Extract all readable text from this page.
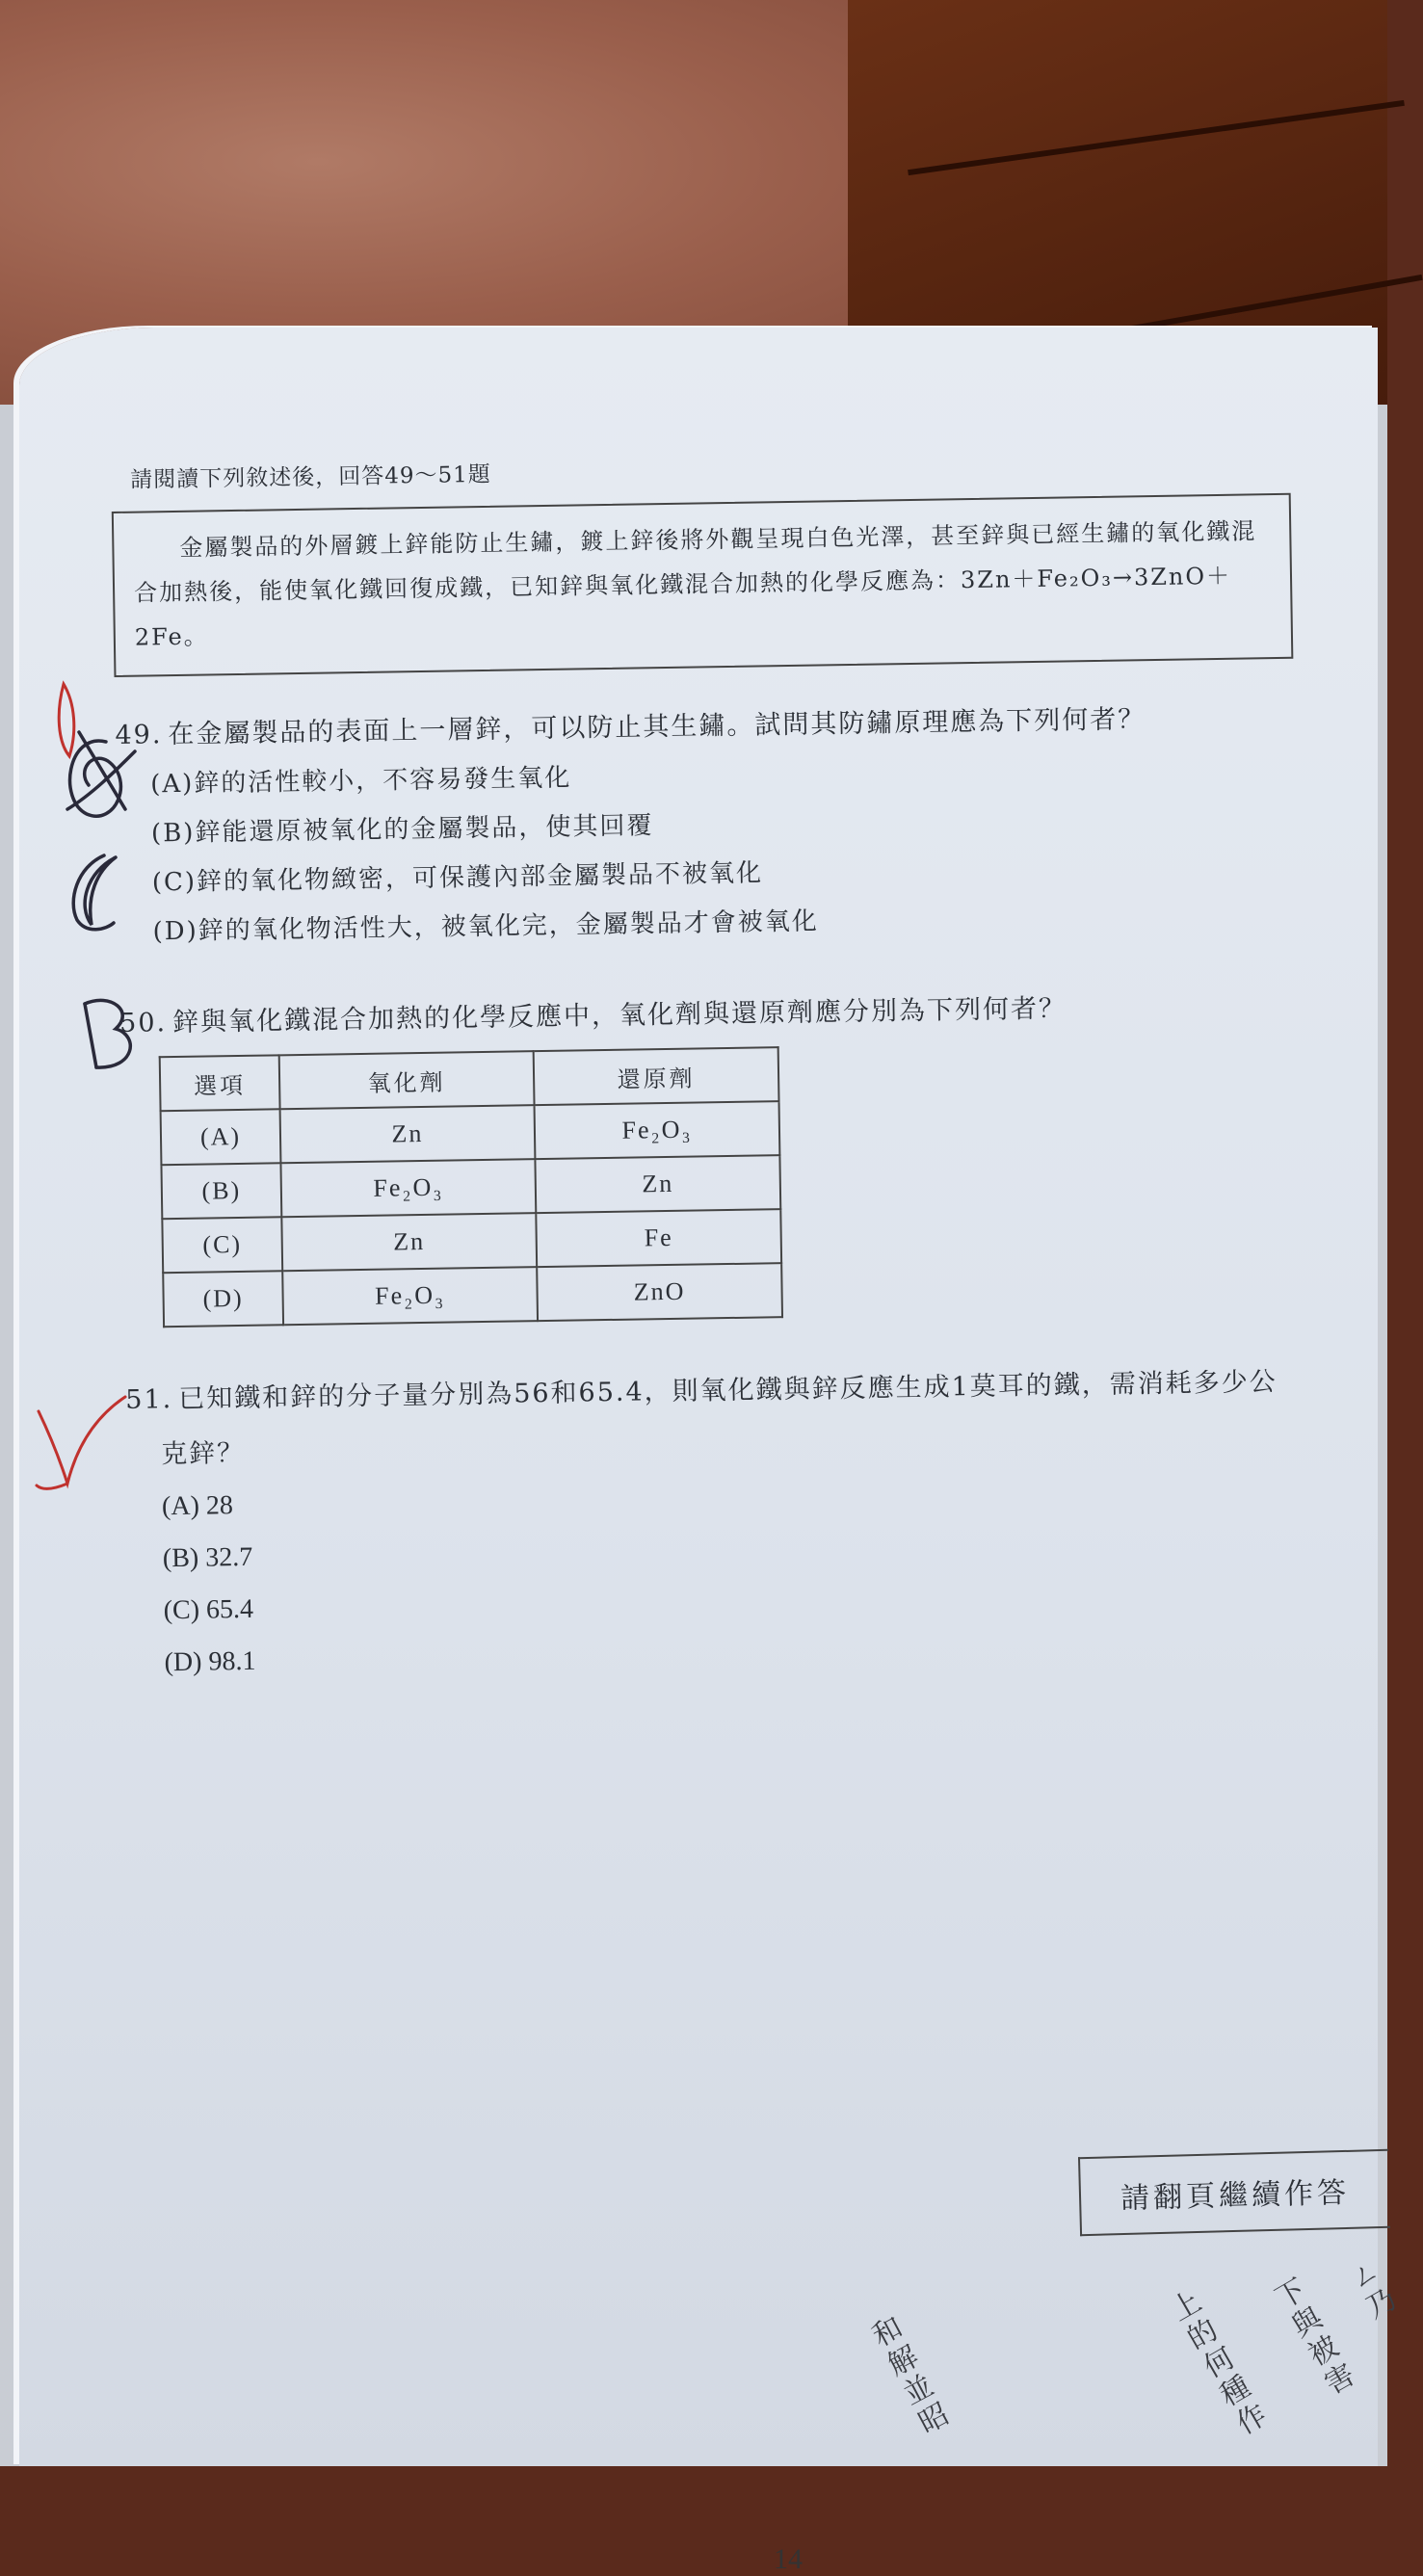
請閱讀下列敘述後，回答49～51題

金屬製品的外層鍍上鋅能防止生鏽，鍍上鋅後將外觀呈現白色光澤，甚至鋅與已經生鏽的氧化鐵混合加熱後，能使氧化鐵回復成鐵，已知鋅與氧化鐵混合加熱的化學反應為：3Zn＋Fe₂O₃→3ZnO＋2Fe。

49. 在金屬製品的表面上一層鋅，可以防止其生鏽。試問其防鏽原理應為下列何者？

(A)鋅的活性較小，不容易發生氧化
(B)鋅能還原被氧化的金屬製品，使其回覆
(C)鋅的氧化物緻密，可保護內部金屬製品不被氧化
(D)鋅的氧化物活性大，被氧化完，金屬製品才會被氧化

50. 鋅與氧化鐵混合加熱的化學反應中，氧化劑與還原劑應分別為下列何者？

選項	氧化劑	還原劑
(A)	Zn	Fe₂O₃
(B)	Fe₂O₃	Zn
(C)	Zn	Fe
(D)	Fe₂O₃	ZnO

51. 已知鐵和鋅的分子量分別為56和65.4，則氧化鐵與鋅反應生成1莫耳的鐵，需消耗多少公

克鋅？
(A) 28
(B) 32.7
(C) 65.4
(D) 98.1
14
請翻頁繼續作答
和解並昭	上的何種作
下與被害
ㄥ乃
